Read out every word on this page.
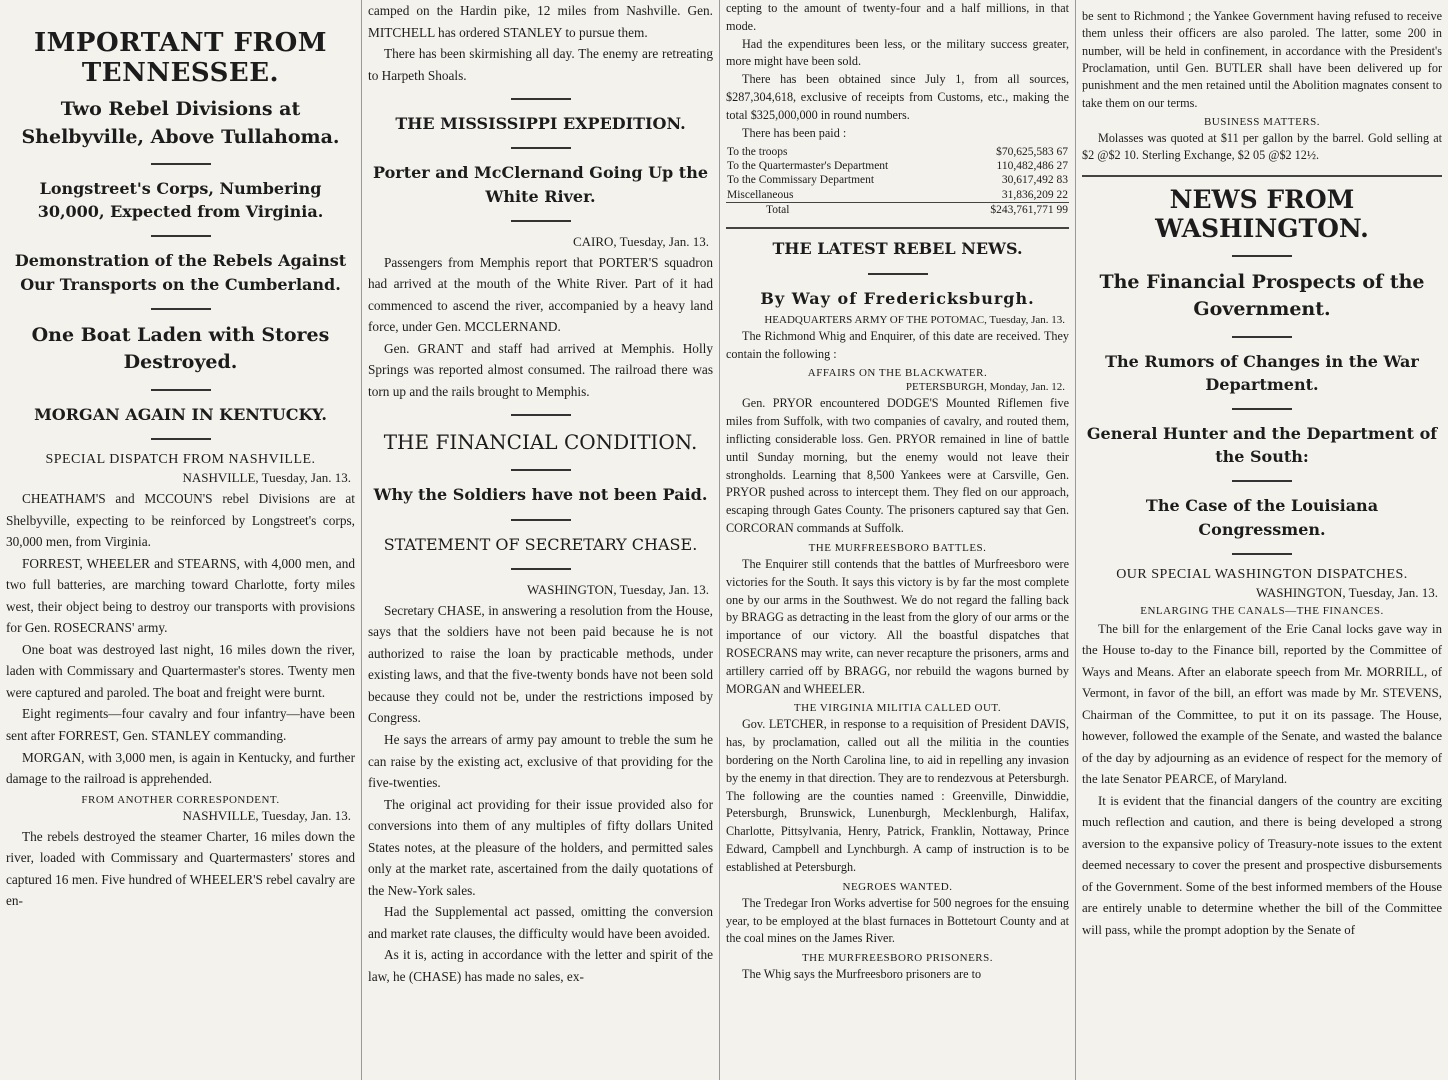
IMPORTANT FROM TENNESSEE.
Two Rebel Divisions at Shelbyville, Above Tullahoma.
Longstreet's Corps, Numbering 30,000, Expected from Virginia.
Demonstration of the Rebels Against Our Transports on the Cumberland.
One Boat Laden with Stores Destroyed.
MORGAN AGAIN IN KENTUCKY.
SPECIAL DISPATCH FROM NASHVILLE.
NASHVILLE, Tuesday, Jan. 13.

CHEATHAM'S and MCCOUN'S rebel Divisions are at Shelbyville, expecting to be reinforced by Longstreet's corps, 30,000 men, from Virginia.

FORREST, WHEELER and STEARNS, with 4,000 men, and two full batteries, are marching toward Charlotte, forty miles west, their object being to destroy our transports with provisions for Gen. ROSECRANS' army.

One boat was destroyed last night, 16 miles down the river, laden with Commissary and Quartermaster's stores. Twenty men were captured and paroled. The boat and freight were burnt.

Eight regiments—four cavalry and four infantry—have been sent after FORREST, Gen. STANLEY commanding.

MORGAN, with 3,000 men, is again in Kentucky, and further damage to the railroad is apprehended.

FROM ANOTHER CORRESPONDENT.
NASHVILLE, Tuesday, Jan. 13.

The rebels destroyed the steamer Charter, 16 miles down the river, loaded with Commissary and Quartermasters' stores and captured 16 men. Five hundred of WHEELER'S rebel cavalry are en-

camped on the Hardin pike, 12 miles from Nashville. Gen. MITCHELL has ordered STANLEY to pursue them.

There has been skirmishing all day. The enemy are retreating to Harpeth Shoals.

THE MISSISSIPPI EXPEDITION.
Porter and McClernand Going Up the White River.
CAIRO, Tuesday, Jan. 13.

Passengers from Memphis report that PORTER'S squadron had arrived at the mouth of the White River. Part of it had commenced to ascend the river, accompanied by a heavy land force, under Gen. MCCLERNAND.

Gen. GRANT and staff had arrived at Memphis. Holly Springs was reported almost consumed. The railroad there was torn up and the rails brought to Memphis.

THE FINANCIAL CONDITION.
Why the Soldiers have not been Paid.
STATEMENT OF SECRETARY CHASE.
WASHINGTON, Tuesday, Jan. 13.

Secretary CHASE, in answering a resolution from the House, says that the soldiers have not been paid because he is not authorized to raise the loan by practicable methods, under existing laws, and that the five-twenty bonds have not been sold because they could not be, under the restrictions imposed by Congress.

He says the arrears of army pay amount to treble the sum he can raise by the existing act, exclusive of that providing for the five-twenties.

The original act providing for their issue provided also for conversions into them of any multiples of fifty dollars United States notes, at the pleasure of the holders, and permitted sales only at the market rate, ascertained from the daily quotations of the New-York sales.

Had the Supplemental act passed, omitting the conversion and market rate clauses, the difficulty would have been avoided.

As it is, acting in accordance with the letter and spirit of the law, he (CHASE) has made no sales, ex-

cepting to the amount of twenty-four and a half millions, in that mode.

Had the expenditures been less, or the military success greater, more might have been sold.

There has been obtained since July 1, from all sources, $287,304,618, exclusive of receipts from Customs, etc., making the total $325,000,000 in round numbers.

There has been paid :

To the troops	$70,625,583 67
To the Quartermaster's Department	110,482,486 27
To the Commissary Department	30,617,492 83
Miscellaneous	31,836,209 22
Total	$243,761,771 99
THE LATEST REBEL NEWS.
By Way of Fredericksburgh.
HEADQUARTERS ARMY OF THE POTOMAC, Tuesday, Jan. 13.

The Richmond Whig and Enquirer, of this date are received. They contain the following :

AFFAIRS ON THE BLACKWATER.
PETERSBURGH, Monday, Jan. 12.

Gen. PRYOR encountered DODGE'S Mounted Riflemen five miles from Suffolk, with two companies of cavalry, and routed them, inflicting considerable loss. Gen. PRYOR remained in line of battle until Sunday morning, but the enemy would not leave their strongholds. Learning that 8,500 Yankees were at Carsville, Gen. PRYOR pushed across to intercept them. They fled on our approach, escaping through Gates County. The prisoners captured say that Gen. CORCORAN commands at Suffolk.

THE MURFREESBORO BATTLES.

The Enquirer still contends that the battles of Murfreesboro were victories for the South. It says this victory is by far the most complete one by our arms in the Southwest. We do not regard the falling back by BRAGG as detracting in the least from the glory of our arms or the importance of our victory. All the boastful dispatches that ROSECRANS may write, can never recapture the prisoners, arms and artillery carried off by BRAGG, nor rebuild the wagons burned by MORGAN and WHEELER.

THE VIRGINIA MILITIA CALLED OUT.

Gov. LETCHER, in response to a requisition of President DAVIS, has, by proclamation, called out all the militia in the counties bordering on the North Carolina line, to aid in repelling any invasion by the enemy in that direction. They are to rendezvous at Petersburgh. The following are the counties named : Greenville, Dinwiddie, Petersburgh, Brunswick, Lunenburgh, Mecklenburgh, Halifax, Charlotte, Pittsylvania, Henry, Patrick, Franklin, Nottaway, Prince Edward, Campbell and Lynchburgh. A camp of instruction is to be established at Petersburgh.

NEGROES WANTED.

The Tredegar Iron Works advertise for 500 negroes for the ensuing year, to be employed at the blast furnaces in Bottetourt County and at the coal mines on the James River.

THE MURFREESBORO PRISONERS.

The Whig says the Murfreesboro prisoners are to

be sent to Richmond ; the Yankee Government having refused to receive them unless their officers are also paroled. The latter, some 200 in number, will be held in confinement, in accordance with the President's Proclamation, until Gen. BUTLER shall have been delivered up for punishment and the men retained until the Abolition magnates consent to take them on our terms.

BUSINESS MATTERS.

Molasses was quoted at $11 per gallon by the barrel. Gold selling at $2 @$2 10. Sterling Exchange, $2 05 @$2 12½.

NEWS FROM WASHINGTON.
The Financial Prospects of the Government.
The Rumors of Changes in the War Department.
General Hunter and the Department of the South:
The Case of the Louisiana Congressmen.
OUR SPECIAL WASHINGTON DISPATCHES.
WASHINGTON, Tuesday, Jan. 13.
ENLARGING THE CANALS—THE FINANCES.

The bill for the enlargement of the Erie Canal locks gave way in the House to-day to the Finance bill, reported by the Committee of Ways and Means. After an elaborate speech from Mr. MORRILL, of Vermont, in favor of the bill, an effort was made by Mr. STEVENS, Chairman of the Committee, to put it on its passage. The House, however, followed the example of the Senate, and wasted the balance of the day by adjourning as an evidence of respect for the memory of the late Senator PEARCE, of Maryland.

It is evident that the financial dangers of the country are exciting much reflection and caution, and there is being developed a strong aversion to the expansive policy of Treasury-note issues to the extent deemed necessary to cover the present and prospective disbursements of the Government. Some of the best informed members of the House are entirely unable to determine whether the bill of the Committee will pass, while the prompt adoption by the Senate of
